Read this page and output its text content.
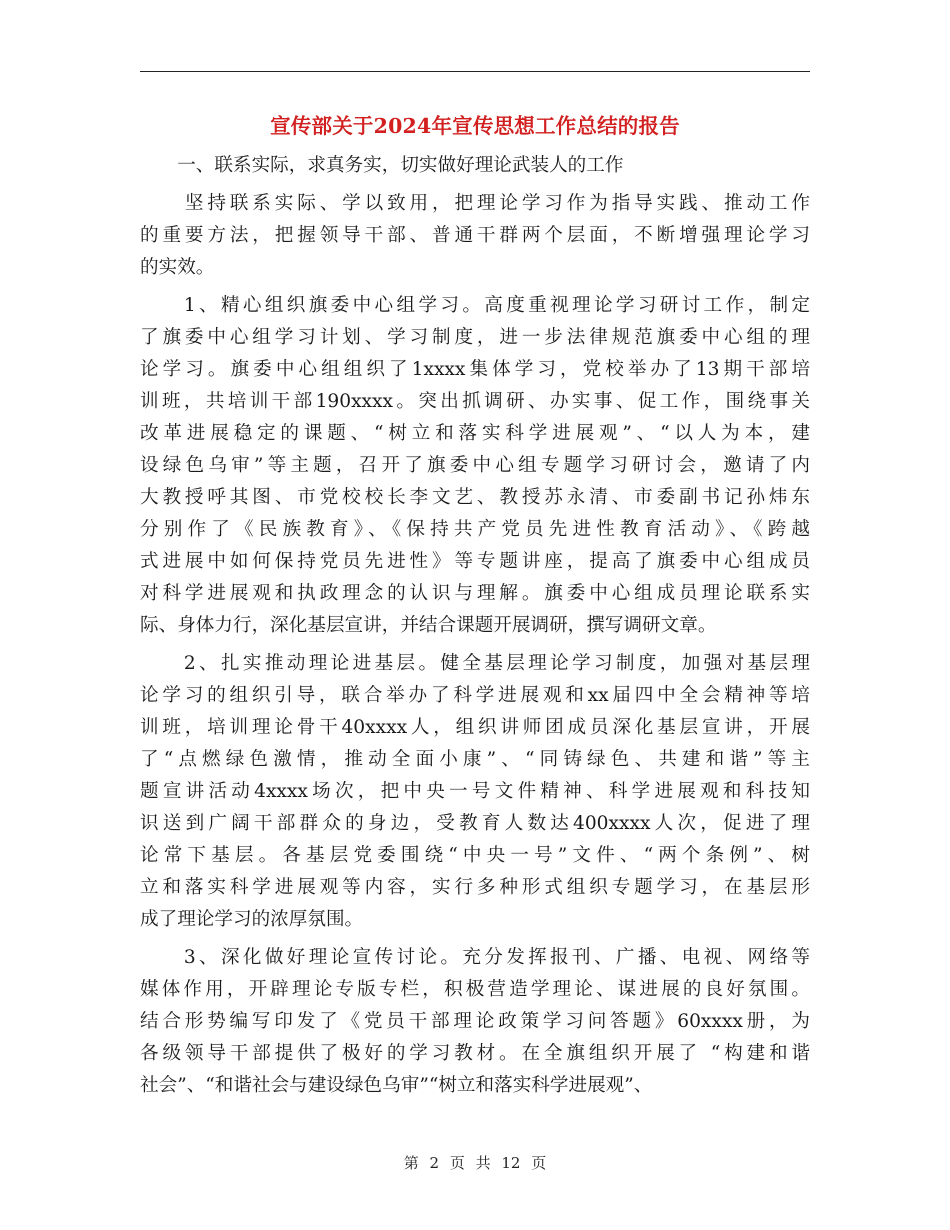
宣传部关于2024年宣传思想工作总结的报告
　　一、联系实际，求真务实，切实做好理论武装人的工作
　　坚持联系实际、学以致用，把理论学习作为指导实践、推动工作
的重要方法，把握领导干部、普通干群两个层面，不断增强理论学习
的实效。
　　1、精心组织旗委中心组学习。高度重视理论学习研讨工作，制定
了旗委中心组学习计划、学习制度，进一步法律规范旗委中心组的理
论学习。旗委中心组组织了1xxxx集体学习，党校举办了13期干部培
训班，共培训干部190xxxx。突出抓调研、办实事、促工作，围绕事关
改革进展稳定的课题、“树立和落实科学进展观”、“以人为本，建
设绿色乌审”等主题，召开了旗委中心组专题学习研讨会，邀请了内
大教授呼其图、市党校校长李文艺、教授苏永清、市委副书记孙炜东
分别作了《民族教育》、《保持共产党员先进性教育活动》、《跨越
式进展中如何保持党员先进性》等专题讲座，提高了旗委中心组成员
对科学进展观和执政理念的认识与理解。旗委中心组成员理论联系实
际、身体力行，深化基层宣讲，并结合课题开展调研，撰写调研文章。
　　2、扎实推动理论进基层。健全基层理论学习制度，加强对基层理
论学习的组织引导，联合举办了科学进展观和xx届四中全会精神等培
训班，培训理论骨干40xxxx人，组织讲师团成员深化基层宣讲，开展
了“点燃绿色激情，推动全面小康”、“同铸绿色、共建和谐”等主
题宣讲活动4xxxx场次，把中央一号文件精神、科学进展观和科技知
识送到广阔干部群众的身边，受教育人数达400xxxx人次，促进了理
论常下基层。各基层党委围绕“中央一号”文件、“两个条例”、树
立和落实科学进展观等内容，实行多种形式组织专题学习，在基层形
成了理论学习的浓厚氛围。
　　3、深化做好理论宣传讨论。充分发挥报刊、广播、电视、网络等
媒体作用，开辟理论专版专栏，积极营造学理论、谋进展的良好氛围。
结合形势编写印发了《党员干部理论政策学习问答题》60xxxx册，为
各级领导干部提供了极好的学习教材。在全旗组织开展了 “构建和谐
社会”、“和谐社会与建设绿色乌审”“树立和落实科学进展观”、
第 2 页 共 12 页
